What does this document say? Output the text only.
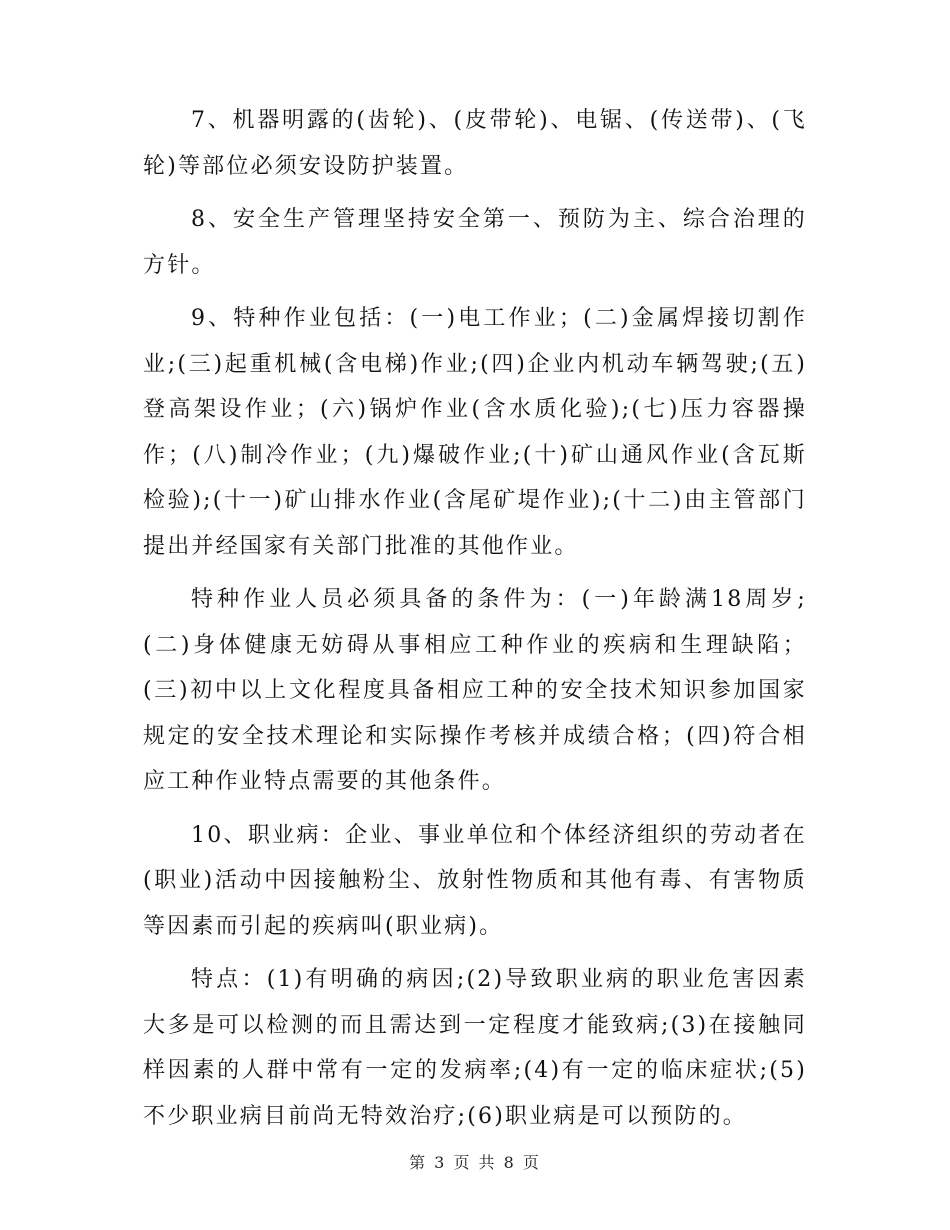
7、机器明露的(齿轮)、(皮带轮)、电锯、(传送带)、(飞轮)等部位必须安设防护装置。

8、安全生产管理坚持安全第一、预防为主、综合治理的方针。

9、特种作业包括：(一)电工作业；(二)金属焊接切割作业;(三)起重机械(含电梯)作业;(四)企业内机动车辆驾驶;(五)登高架设作业；(六)锅炉作业(含水质化验);(七)压力容器操作；(八)制冷作业；(九)爆破作业;(十)矿山通风作业(含瓦斯检验);(十一)矿山排水作业(含尾矿堤作业);(十二)由主管部门提出并经国家有关部门批准的其他作业。

特种作业人员必须具备的条件为：(一)年龄满18周岁;(二)身体健康无妨碍从事相应工种作业的疾病和生理缺陷；(三)初中以上文化程度具备相应工种的安全技术知识参加国家规定的安全技术理论和实际操作考核并成绩合格；(四)符合相应工种作业特点需要的其他条件。

10、职业病：企业、事业单位和个体经济组织的劳动者在(职业)活动中因接触粉尘、放射性物质和其他有毒、有害物质等因素而引起的疾病叫(职业病)。

特点：(1)有明确的病因;(2)导致职业病的职业危害因素大多是可以检测的而且需达到一定程度才能致病;(3)在接触同样因素的人群中常有一定的发病率;(4)有一定的临床症状;(5)不少职业病目前尚无特效治疗;(6)职业病是可以预防的。

第 3 页 共 8 页
